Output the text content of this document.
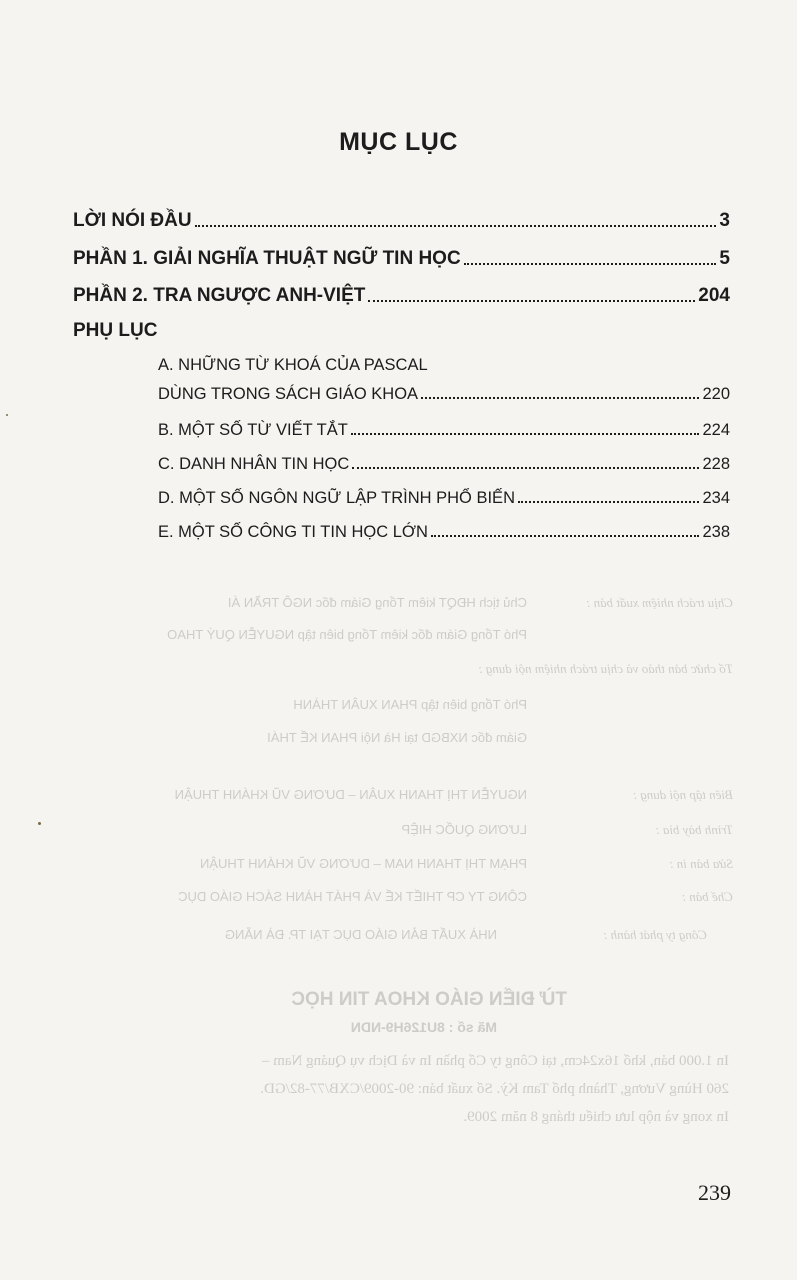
MỤC LỤC
LỜI NÓI ĐẦU	3
PHẦN 1. GIẢI NGHĨA THUẬT NGỮ TIN HỌC	5
PHẦN 2. TRA NGƯỢC ANH-VIỆT	204
PHỤ LỤC
A. NHỮNG TỪ KHOÁ CỦA PASCAL
DÙNG TRONG SÁCH GIÁO KHOA	220
B. MỘT SỐ TỪ VIẾT TẮT	224
C. DANH NHÂN TIN HỌC	228
D. MỘT SỐ NGÔN NGỮ LẬP TRÌNH PHỔ BIẾN	234
E. MỘT SỐ CÔNG TI TIN HỌC LỚN	238
Chịu trách nhiệm xuất bản :
Chủ tịch HĐQT kiêm Tổng Giám đốc NGÔ TRẦN ÁI
Phó Tổng Giám đốc kiêm Tổng biên tập NGUYỄN QUÝ THAO
Tổ chức bản thảo và chịu trách nhiệm nội dung :
Phó Tổng biên tập PHAN XUÂN THÀNH
Giám đốc NXBGD tại Hà Nội PHAN KẾ THÁI
Biên tập nội dung :
NGUYỄN THỊ THANH XUÂN – DƯƠNG VŨ KHÁNH THUẬN
Trình bày bìa :
LƯƠNG QUỐC HIỆP
Sửa bản in :
PHẠM THỊ THANH NAM – DƯƠNG VŨ KHÁNH THUẬN
Chế bản :
CÔNG TY CP THIẾT KẾ VÀ PHÁT HÀNH SÁCH GIÁO DỤC
Công ty phát hành :
NHÀ XUẤT BẢN GIÁO DỤC TẠI TP. ĐÀ NẴNG
TỪ ĐIỂN GIÁO KHOA TIN HỌC
Mã số : 8U126H9-NDN
In 1.000 bản, khổ 16x24cm, tại Công ty Cổ phần In và Dịch vụ Quảng Nam –
260 Hùng Vương, Thành phố Tam Kỳ. Số xuất bản: 90-2009/CXB/77-82/GD.
In xong và nộp lưu chiểu tháng 8 năm 2009.
239
